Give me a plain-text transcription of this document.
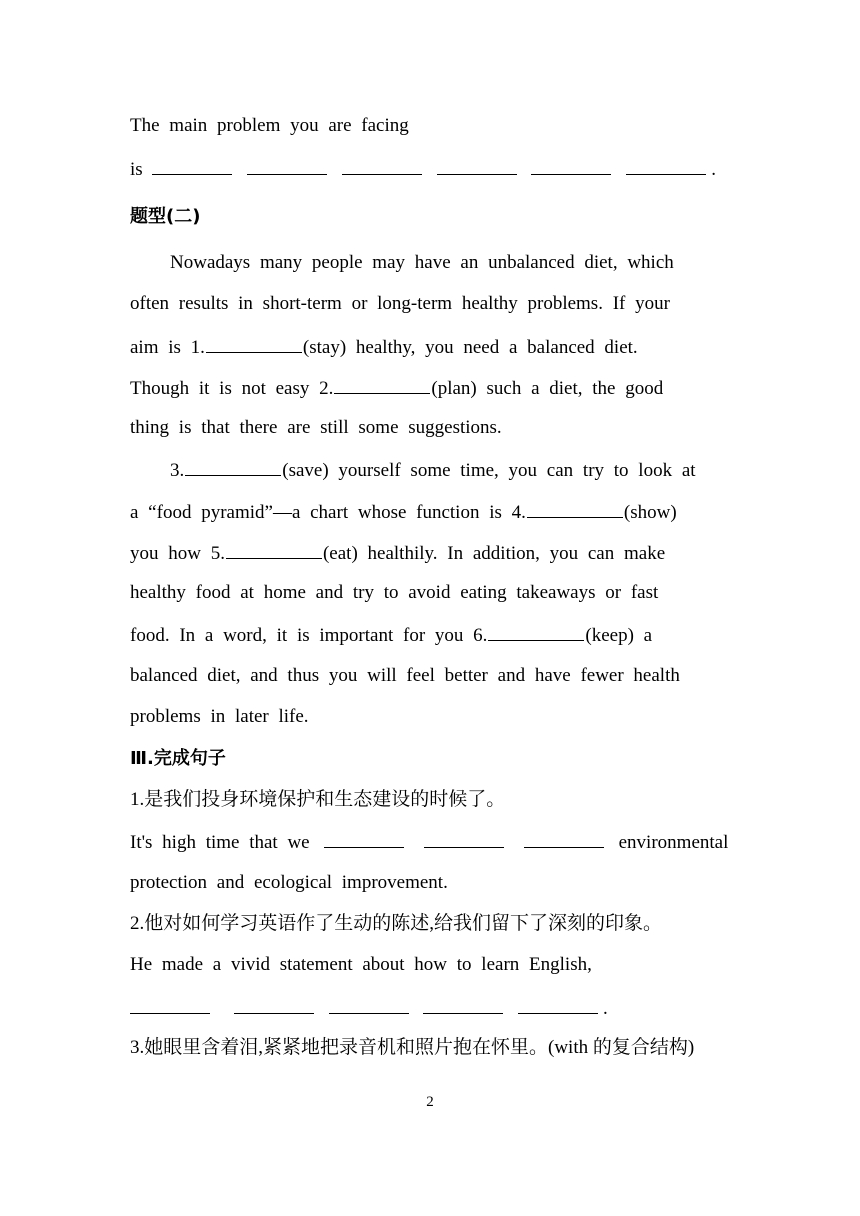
The main problem you are facing
is	.
题型(二)
Nowadays many people may have an unbalanced diet, which
often results in short-term or long-term healthy problems. If your
aim is 1.	(stay) healthy, you need a balanced diet.
Though it is not easy 2.	(plan) such a diet, the good
thing is that there are still some suggestions.
3.	(save) yourself some time, you can try to look at
a “food pyramid”—a chart whose function is 4.	(show)
you how 5.	(eat) healthily. In addition, you can make
healthy food at home and try to avoid eating takeaways or fast
food. In a word, it is important for you 6.	(keep) a
balanced diet, and thus you will feel better and have fewer health
problems in later life.
Ⅲ.完成句子
1.是我们投身环境保护和生态建设的时候了。
It's high time that we	environmental
protection and ecological improvement.
2.他对如何学习英语作了生动的陈述,给我们留下了深刻的印象。
He made a vivid statement about how to learn English,
.
3.她眼里含着泪,紧紧地把录音机和照片抱在怀里。(with 的复合结构)
2
